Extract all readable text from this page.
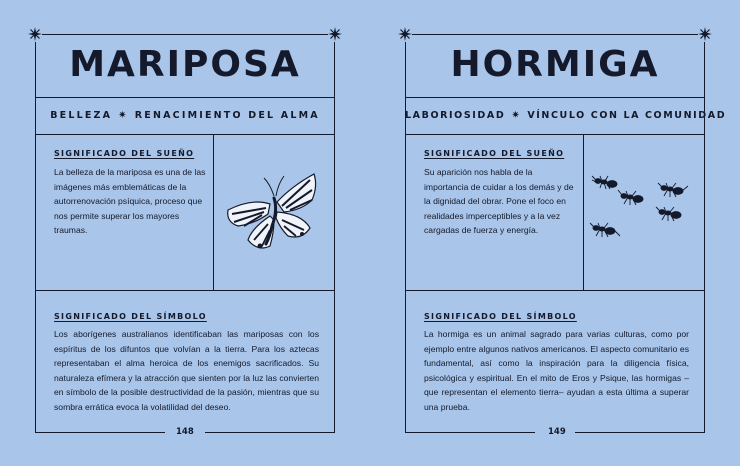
MARIPOSA
BELLEZA ✷ RENACIMIENTO DEL ALMA
SIGNIFICADO DEL SUEÑO
La belleza de la mariposa es una de las imágenes más emblemáticas de la autorrenovación psíquica, proceso que nos permite superar los mayores traumas.
SIGNIFICADO DEL SÍMBOLO
Los aborígenes australianos identificaban las mariposas con los espíritus de los difuntos que volvían a la tierra. Para los aztecas representaban el alma heroica de los enemigos sacrificados. Su naturaleza efímera y la atracción que sienten por la luz las convierten en símbolo de la posible destructividad de la pasión, mientras que su sombra errática evoca la volatilidad del deseo.
148
HORMIGA
LABORIOSIDAD ✷ VÍNCULO CON LA COMUNIDAD
SIGNIFICADO DEL SUEÑO
Su aparición nos habla de la importancia de cuidar a los demás y de la dignidad del obrar. Pone el foco en realidades imperceptibles y a la vez cargadas de fuerza y energía.
SIGNIFICADO DEL SÍMBOLO
La hormiga es un animal sagrado para varias culturas, como por ejemplo entre algunos nativos americanos. El aspecto comunitario es fundamental, así como la inspiración para la diligencia física, psicológica y espiritual. En el mito de Eros y Psique, las hormigas –que representan el elemento tierra– ayudan a esta última a superar una prueba.
149
